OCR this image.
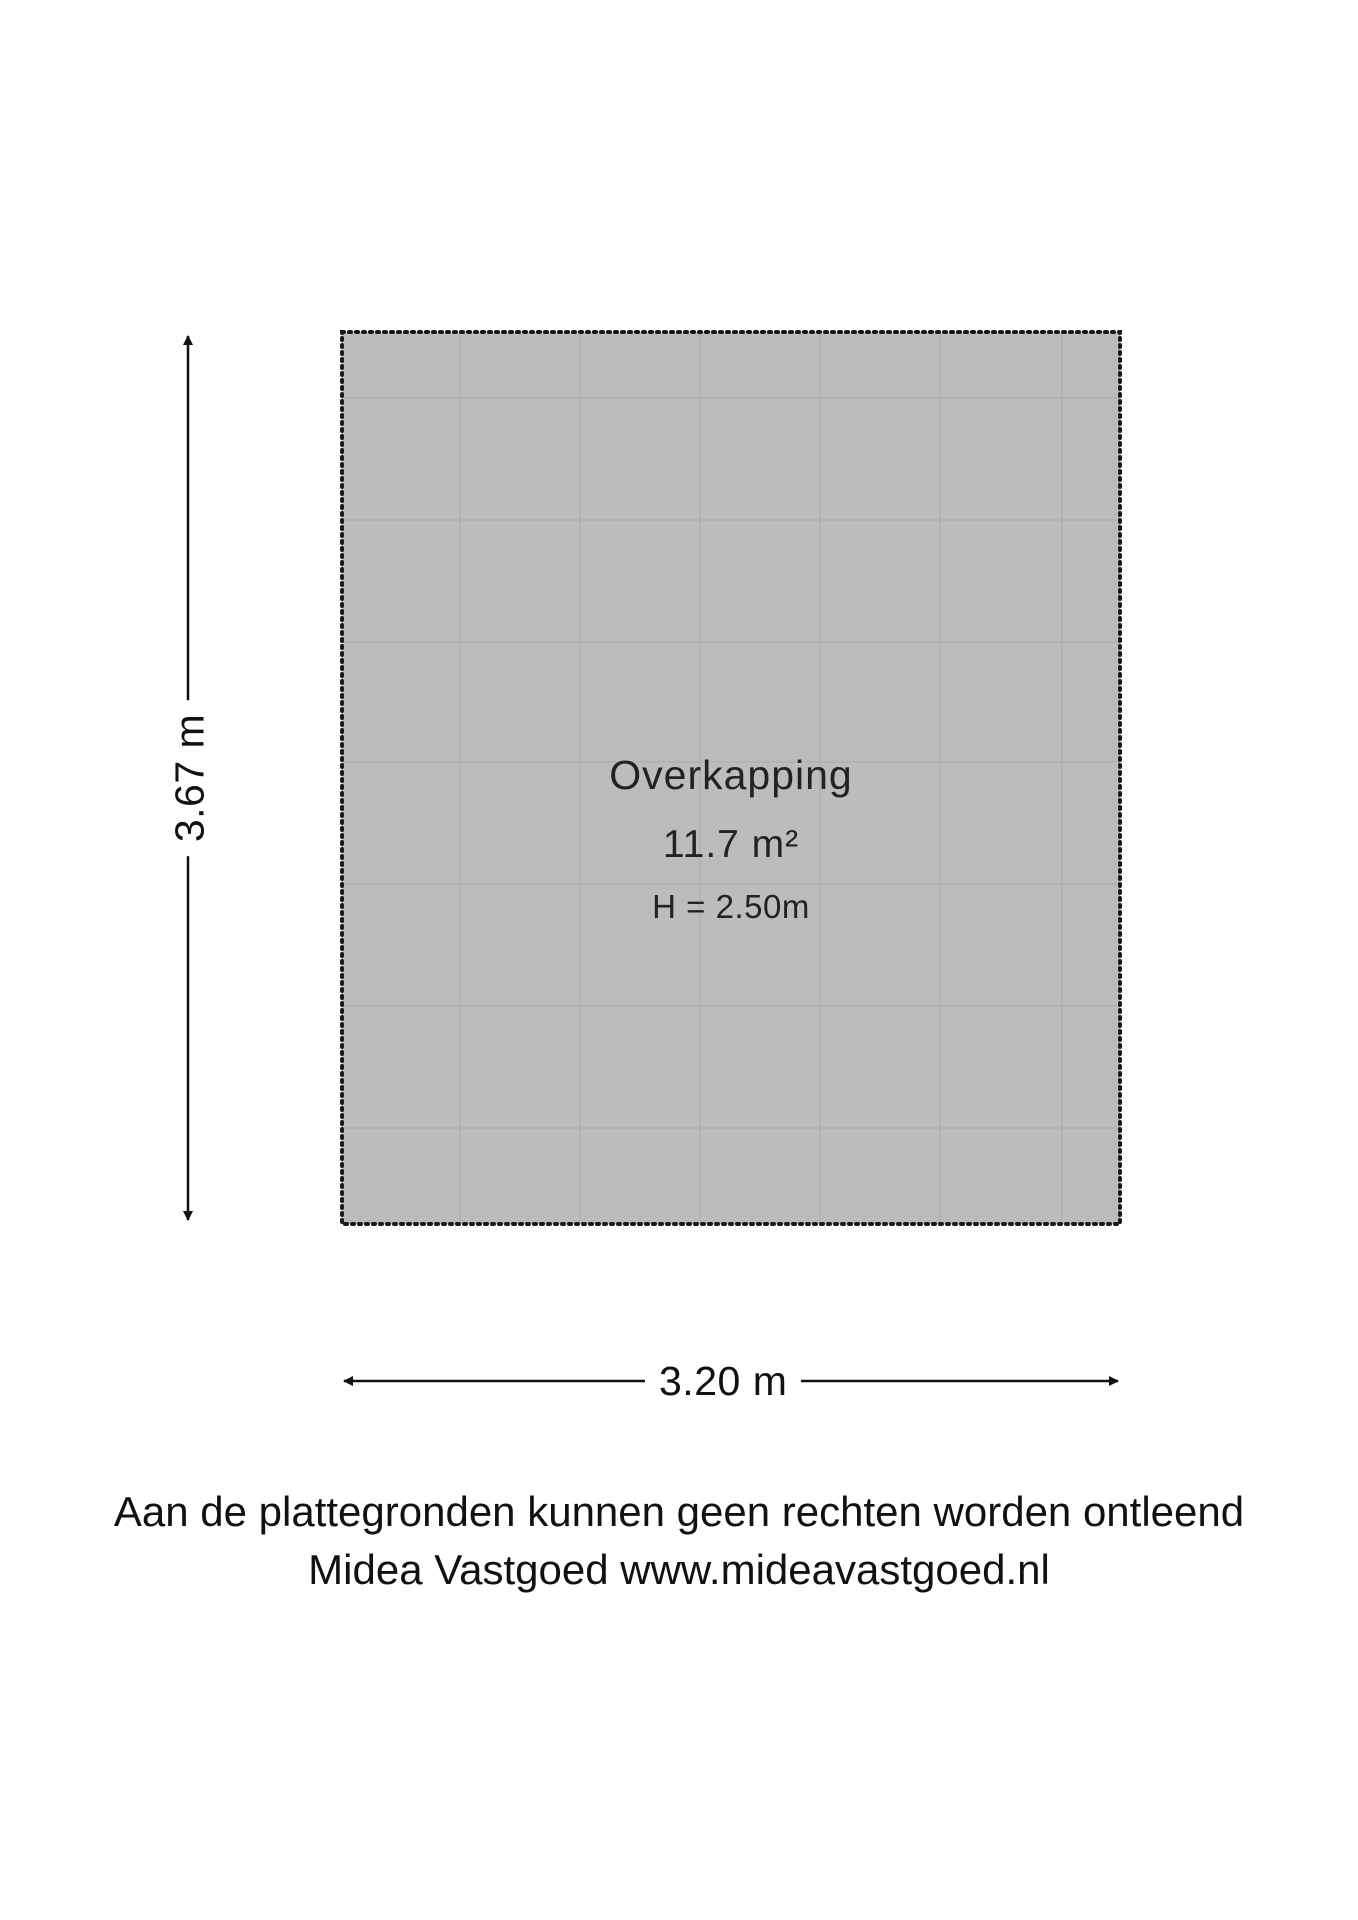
Overkapping
11.7 m²
H = 2.50m
3.20 m
3.67 m
Aan de plattegronden kunnen geen rechten worden ontleend
Midea Vastgoed www.mideavastgoed.nl
